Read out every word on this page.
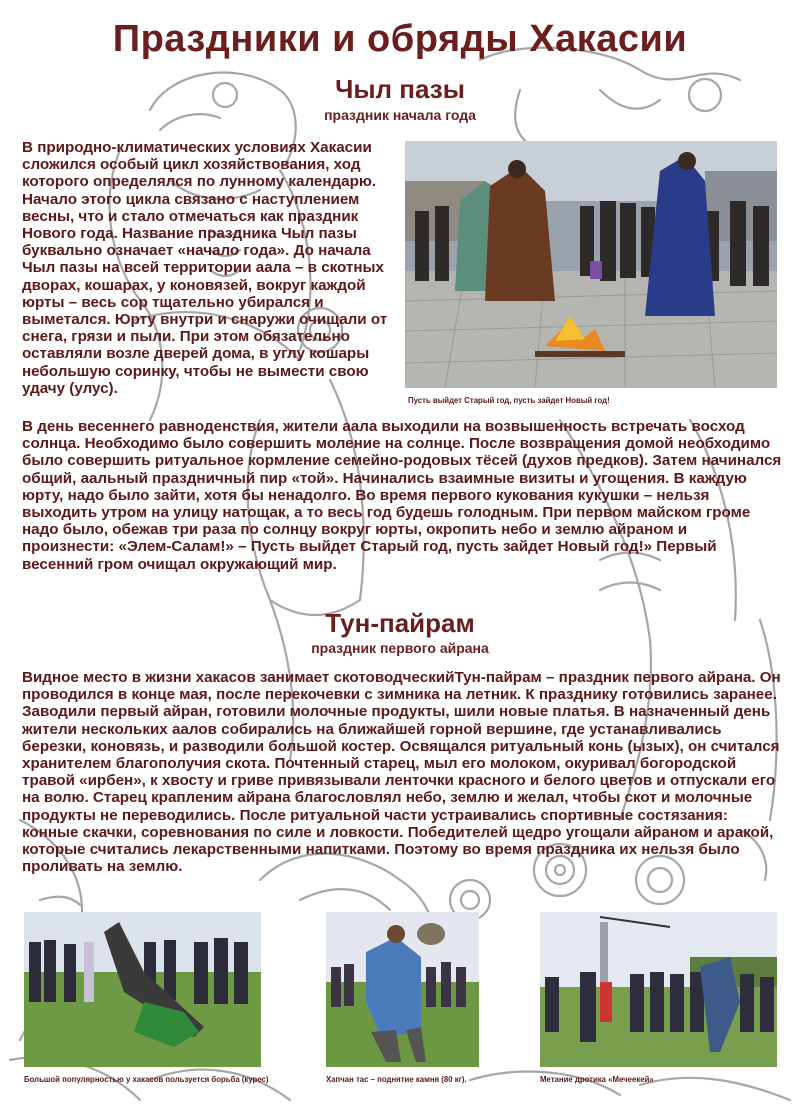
Праздники и обряды Хакасии
Чыл пазы
праздник начала года

В природно-климатических условиях Хакасии сложился особый цикл хозяйствования, ход которого определялся по лунному календарю. Начало этого цикла связано с наступлением весны, что и стало отмечаться как праздник Нового года. Название праздника Чыл пазы буквально означает «начало года». До начала Чыл пазы на всей территории аала – в скотных дворах, кошарах, у коновязей, вокруг каждой юрты – весь сор тщательно убирался и выметался. Юрту внутри и снаружи очищали от снега, грязи и пыли. При этом обязательно оставляли возле дверей дома, в углу кошары небольшую соринку, чтобы не вымести свою удачу (улус).

Пусть выйдет Старый год, пусть зайдет Новый год!

В день весеннего равноденствия, жители аала выходили на возвышенность встречать восход солнца. Необходимо было совершить моление на солнце. После возвращения домой необходимо было совершить ритуальное кормление семейно-родовых тёсей (духов предков). Затем начинался общий, аальный праздничный пир «той». Начинались взаимные визиты и угощения. В каждую юрту, надо было зайти, хотя бы ненадолго. Во время первого кукования кукушки – нельзя выходить утром на улицу натощак, а то весь год будешь голодным. При первом майском громе надо было, обежав три раза по солнцу вокруг юрты, окропить небо и землю айраном и произнести: «Элем-Салам!» – Пусть выйдет Старый год, пусть зайдет Новый год!» Первый весенний гром очищал окружающий мир.

Тун-пайрам
праздник первого айрана

Видное место в жизни хакасов занимает скотоводческийТун-пайрам – праздник первого айрана. Он проводился в конце мая, после перекочевки с зимника на летник. К празднику готовились заранее. Заводили первый айран, готовили молочные продукты, шили новые платья. В назначенный день жители нескольких аалов собирались на ближайшей горной вершине, где устанавливались березки, коновязь, и разводили большой костер. Освящался ритуальный конь (ызых), он считался хранителем благополучия скота. Почтенный старец, мыл его молоком, окуривал богородской травой «ирбен», к хвосту и гриве привязывали ленточки красного и белого цветов и отпускали его на волю. Старец крапленим айрана благословлял небо, землю и желал, чтобы скот и молочные продукты не переводились. После ритуальной части устраивались спортивные состязания: конные скачки, соревнования по силе и ловкости. Победителей щедро угощали айраном и аракой, которые считались лекарственными напитками. Поэтому во время праздника их нельзя было проливать на землю.

Большой популярностью у хакасов пользуется борьба (курес)	Хапчан тас – поднятие камня (80 кг).	Метание дротика «Мечеекей»
